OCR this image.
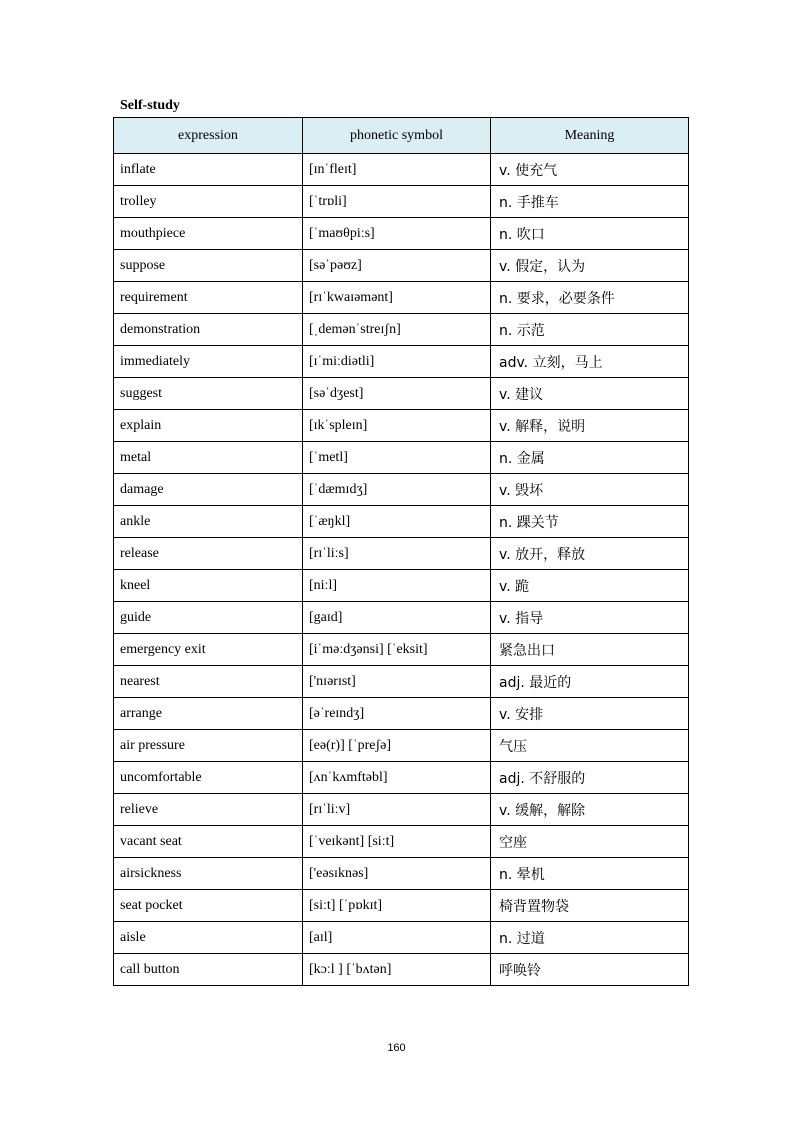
Self-study
expression	phonetic symbol	Meaning
inflate	[ɪnˈfleɪt]	v. 使充气
trolley	[ˈtrɒli]	n. 手推车
mouthpiece	[ˈmaʊθpiːs]	n. 吹口
suppose	[səˈpəʊz]	v. 假定，认为
requirement	[rɪˈkwaɪəmənt]	n. 要求，必要条件
demonstration	[ˌdemənˈstreɪʃn]	n. 示范
immediately	[ɪˈmiːdiətli]	adv. 立刻，马上
suggest	[səˈdʒest]	v. 建议
explain	[ɪkˈspleɪn]	v. 解释，说明
metal	[ˈmetl]	n. 金属
damage	[ˈdæmɪdʒ]	v. 毁坏
ankle	[ˈæŋkl]	n. 踝关节
release	[rɪˈliːs]	v. 放开，释放
kneel	[niːl]	v. 跪
guide	[gaɪd]	v. 指导
emergency exit	[iˈməːdʒənsi] [ˈeksit]	紧急出口
nearest	['nɪərɪst]	adj. 最近的
arrange	[əˈreɪndʒ]	v. 安排
air pressure	[eə(r)] [ˈpreʃə]	气压
uncomfortable	[ʌnˈkʌmftəbl]	adj. 不舒服的
relieve	[rɪˈliːv]	v. 缓解，解除
vacant seat	[ˈveɪkənt] [siːt]	空座
airsickness	['eəsɪknəs]	n. 晕机
seat pocket	[siːt] [ˈpɒkɪt]	椅背置物袋
aisle	[aɪl]	n. 过道
call button	[kɔːl ] [ˈbʌtən]	呼唤铃
160
